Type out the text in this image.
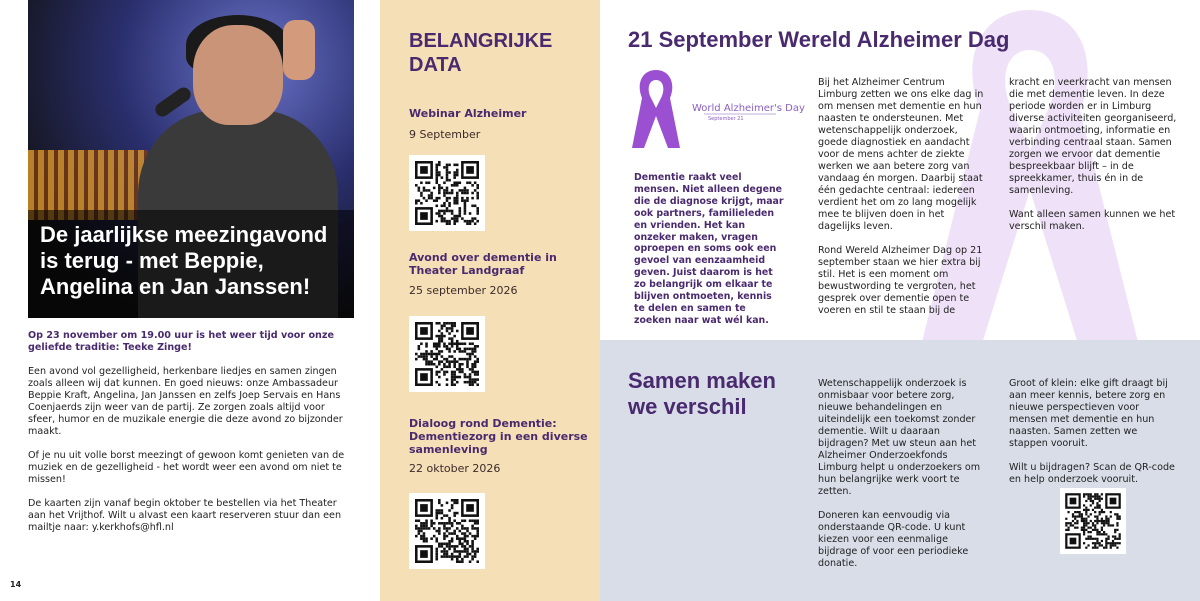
De jaarlijkse meezingavond is terug - met Beppie, Angelina en Jan Janssen!

Op 23 november om 19.00 uur is het weer tijd voor onze geliefde traditie: Teeke Zinge!

Een avond vol gezelligheid, herkenbare liedjes en samen zingen zoals alleen wij dat kunnen. En goed nieuws: onze Ambassadeur Beppie Kraft, Angelina, Jan Janssen en zelfs Joep Servais en Hans Coenjaerds zijn weer van de partij. Ze zorgen zoals altijd voor sfeer, humor en de muzikale energie die deze avond zo bijzonder maakt.

Of je nu uit volle borst meezingt of gewoon komt genieten van de muziek en de gezelligheid - het wordt weer een avond om niet te missen!

De kaarten zijn vanaf begin oktober te bestellen via het Theater aan het Vrijthof. Wilt u alvast een kaart reserveren stuur dan een mailtje naar: y.kerkhofs@hfl.nl

14
BELANGRIJKE DATA
Webinar Alzheimer
9 September
Avond over dementie in Theater Landgraaf
25 september 2026
Dialoog rond Dementie: Dementiezorg in een diverse samenleving
22 oktober 2026
21 September Wereld Alzheimer Dag
World Alzheimer's Day
September 21
Dementie raakt veel mensen. Niet alleen degene die de diagnose krijgt, maar ook partners, familieleden en vrienden. Het kan onzeker maken, vragen oproepen en soms ook een gevoel van eenzaamheid geven. Juist daarom is het zo belangrijk om elkaar te blijven ontmoeten, kennis te delen en samen te zoeken naar wat wél kan.

Bij het Alzheimer Centrum Limburg zetten we ons elke dag in om mensen met dementie en hun naasten te ondersteunen. Met wetenschappelijk onderzoek, goede diagnostiek en aandacht voor de mens achter de ziekte werken we aan betere zorg van vandaag én morgen. Daarbij staat één gedachte centraal: iedereen verdient het om zo lang mogelijk mee te blijven doen in het dagelijks leven.

Rond Wereld Alzheimer Dag op 21 september staan we hier extra bij stil. Het is een moment om bewustwording te vergroten, het gesprek over dementie open te voeren en stil te staan bij de

kracht en veerkracht van mensen die met dementie leven. In deze periode worden er in Limburg diverse activiteiten georganiseerd, waarin ontmoeting, informatie en verbinding centraal staan. Samen zorgen we ervoor dat dementie bespreekbaar blijft – in de spreekkamer, thuis én in de samenleving.

Want alleen samen kunnen we het verschil maken.

Samen maken we verschil

Wetenschappelijk onderzoek is onmisbaar voor betere zorg, nieuwe behandelingen en uiteindelijk een toekomst zonder dementie. Wilt u daaraan bijdragen? Met uw steun aan het Alzheimer Onderzoekfonds Limburg helpt u onderzoekers om hun belangrijke werk voort te zetten.

Doneren kan eenvoudig via onderstaande QR-code. U kunt kiezen voor een eenmalige bijdrage of voor een periodieke donatie.

Groot of klein: elke gift draagt bij aan meer kennis, betere zorg en nieuwe perspectieven voor mensen met dementie en hun naasten. Samen zetten we stappen vooruit.

Wilt u bijdragen? Scan de QR-code en help onderzoek vooruit.
